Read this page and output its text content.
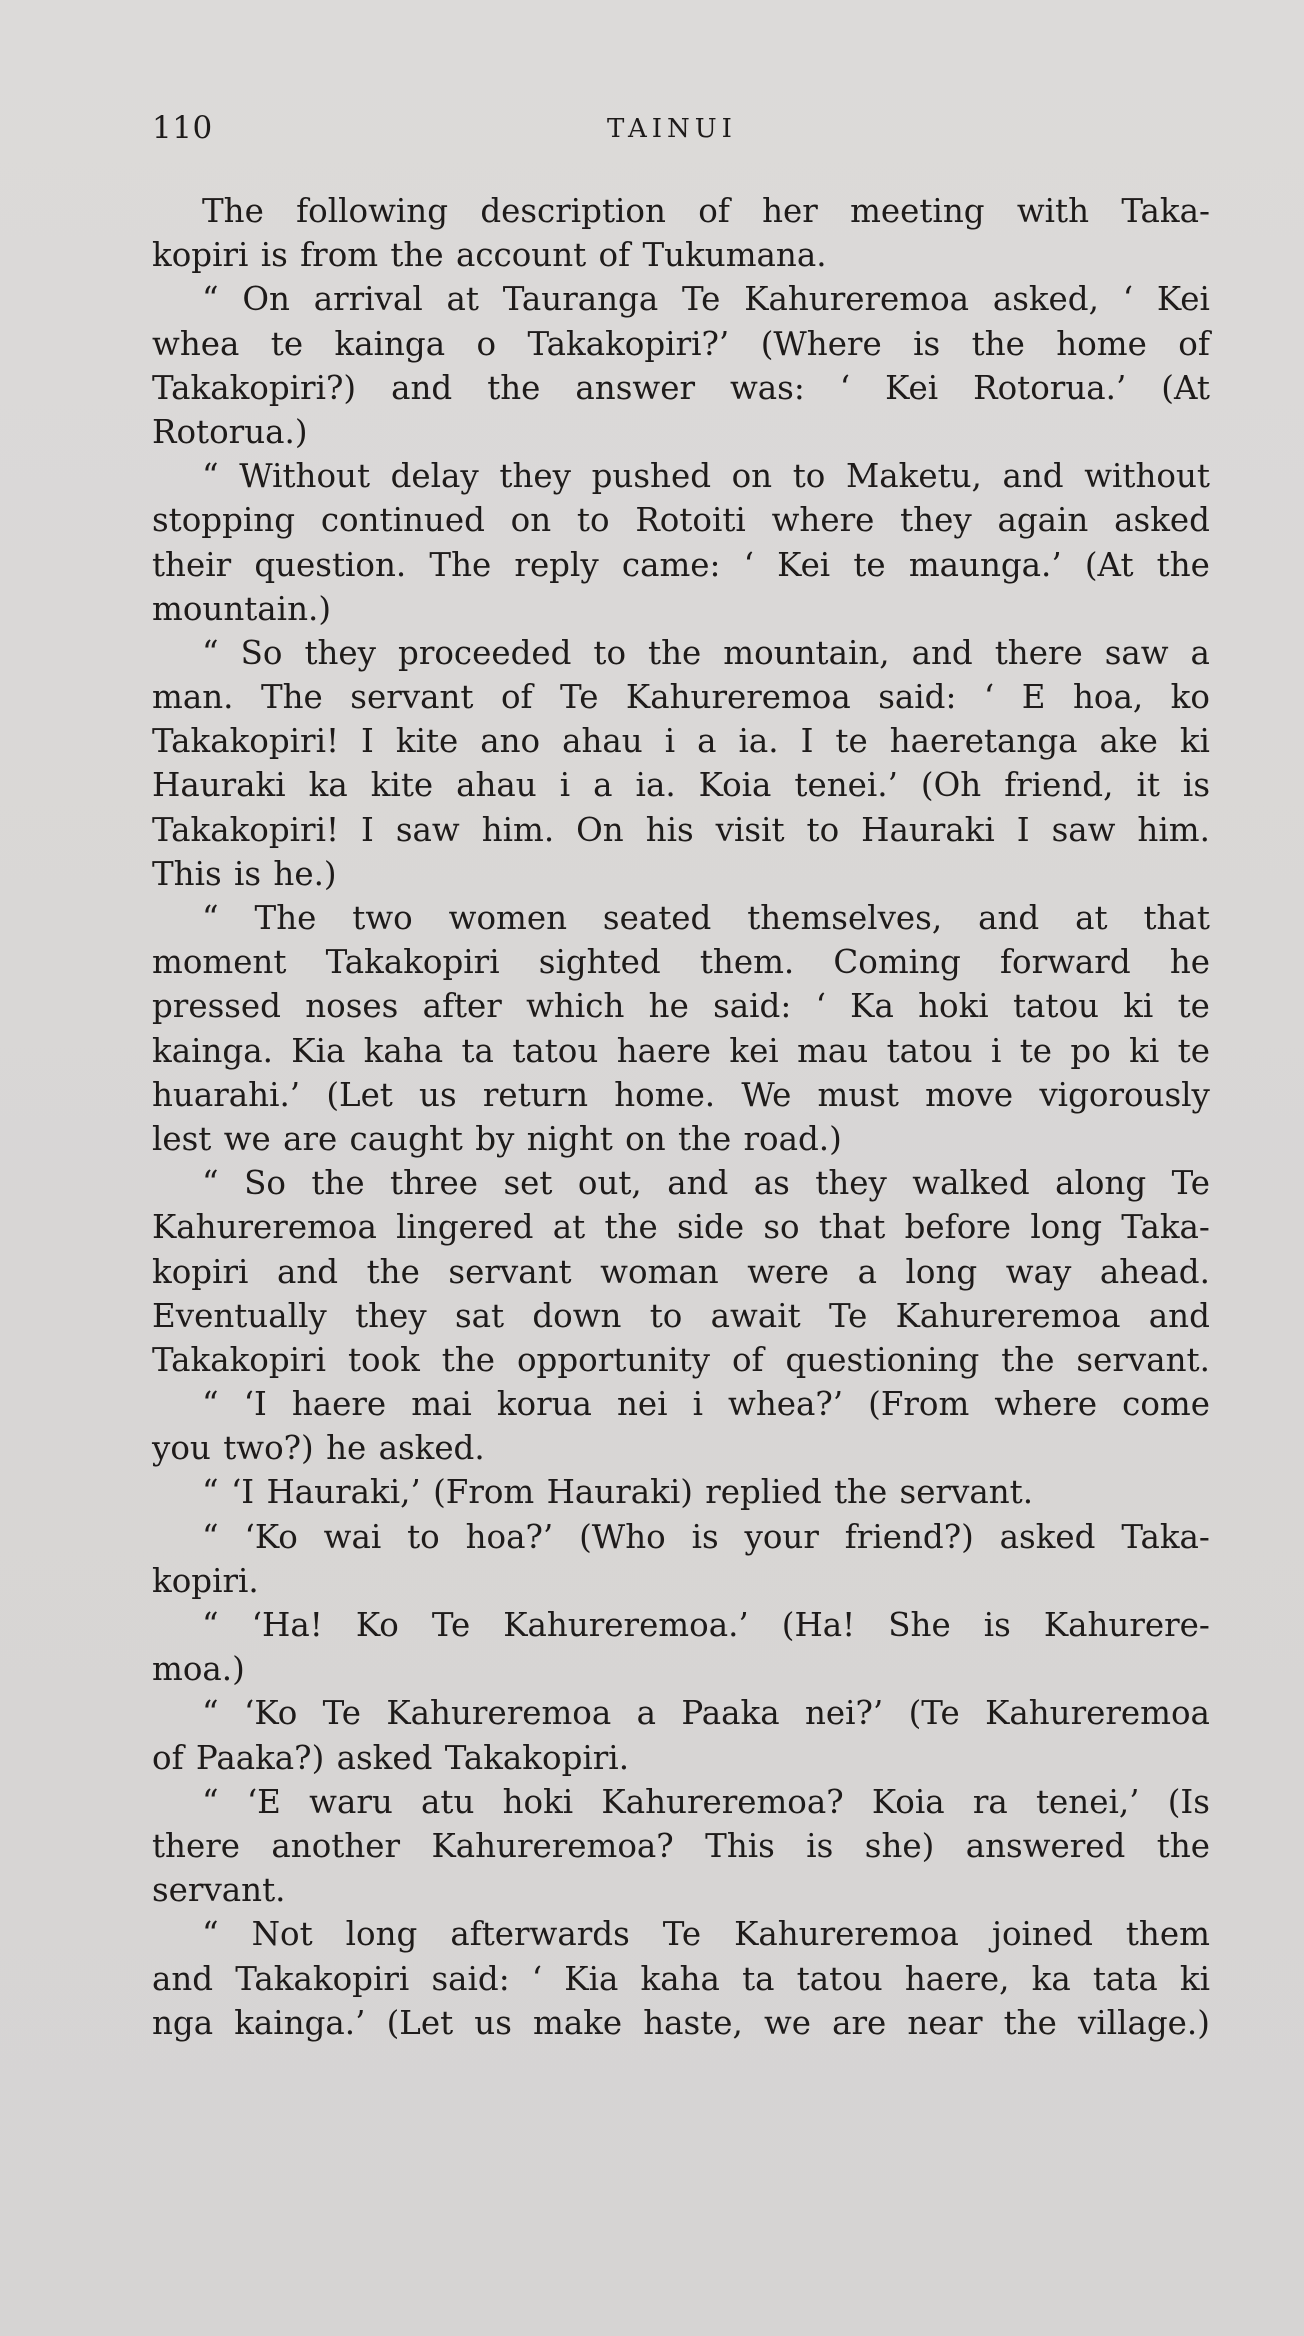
110	TAINUI
The following description of her meeting with Taka-
kopiri is from the account of Tukumana.
“ On arrival at Tauranga Te Kahureremoa asked, ‘ Kei
whea te kainga o Takakopiri?’ (Where is the home of
Takakopiri?) and the answer was: ‘ Kei Rotorua.’ (At
Rotorua.)
“ Without delay they pushed on to Maketu, and without
stopping continued on to Rotoiti where they again asked
their question. The reply came: ‘ Kei te maunga.’ (At the
mountain.)
“ So they proceeded to the mountain, and there saw a
man. The servant of Te Kahureremoa said: ‘ E hoa, ko
Takakopiri! I kite ano ahau i a ia. I te haeretanga ake ki
Hauraki ka kite ahau i a ia. Koia tenei.’ (Oh friend, it is
Takakopiri! I saw him. On his visit to Hauraki I saw him.
This is he.)
“ The two women seated themselves, and at that
moment Takakopiri sighted them. Coming forward he
pressed noses after which he said: ‘ Ka hoki tatou ki te
kainga. Kia kaha ta tatou haere kei mau tatou i te po ki te
huarahi.’ (Let us return home. We must move vigorously
lest we are caught by night on the road.)
“ So the three set out, and as they walked along Te
Kahureremoa lingered at the side so that before long Taka-
kopiri and the servant woman were a long way ahead.
Eventually they sat down to await Te Kahureremoa and
Takakopiri took the opportunity of questioning the servant.
“ ‘I haere mai korua nei i whea?’ (From where come
you two?) he asked.
“ ‘I Hauraki,’ (From Hauraki) replied the servant.
“ ‘Ko wai to hoa?’ (Who is your friend?) asked Taka-
kopiri.
“ ‘Ha! Ko Te Kahureremoa.’ (Ha! She is Kahurere-
moa.)
“ ‘Ko Te Kahureremoa a Paaka nei?’ (Te Kahureremoa
of Paaka?) asked Takakopiri.
“ ‘E waru atu hoki Kahureremoa? Koia ra tenei,’ (Is
there another Kahureremoa? This is she) answered the
servant.
“ Not long afterwards Te Kahureremoa joined them
and Takakopiri said: ‘ Kia kaha ta tatou haere, ka tata ki
nga kainga.’ (Let us make haste, we are near the village.)
